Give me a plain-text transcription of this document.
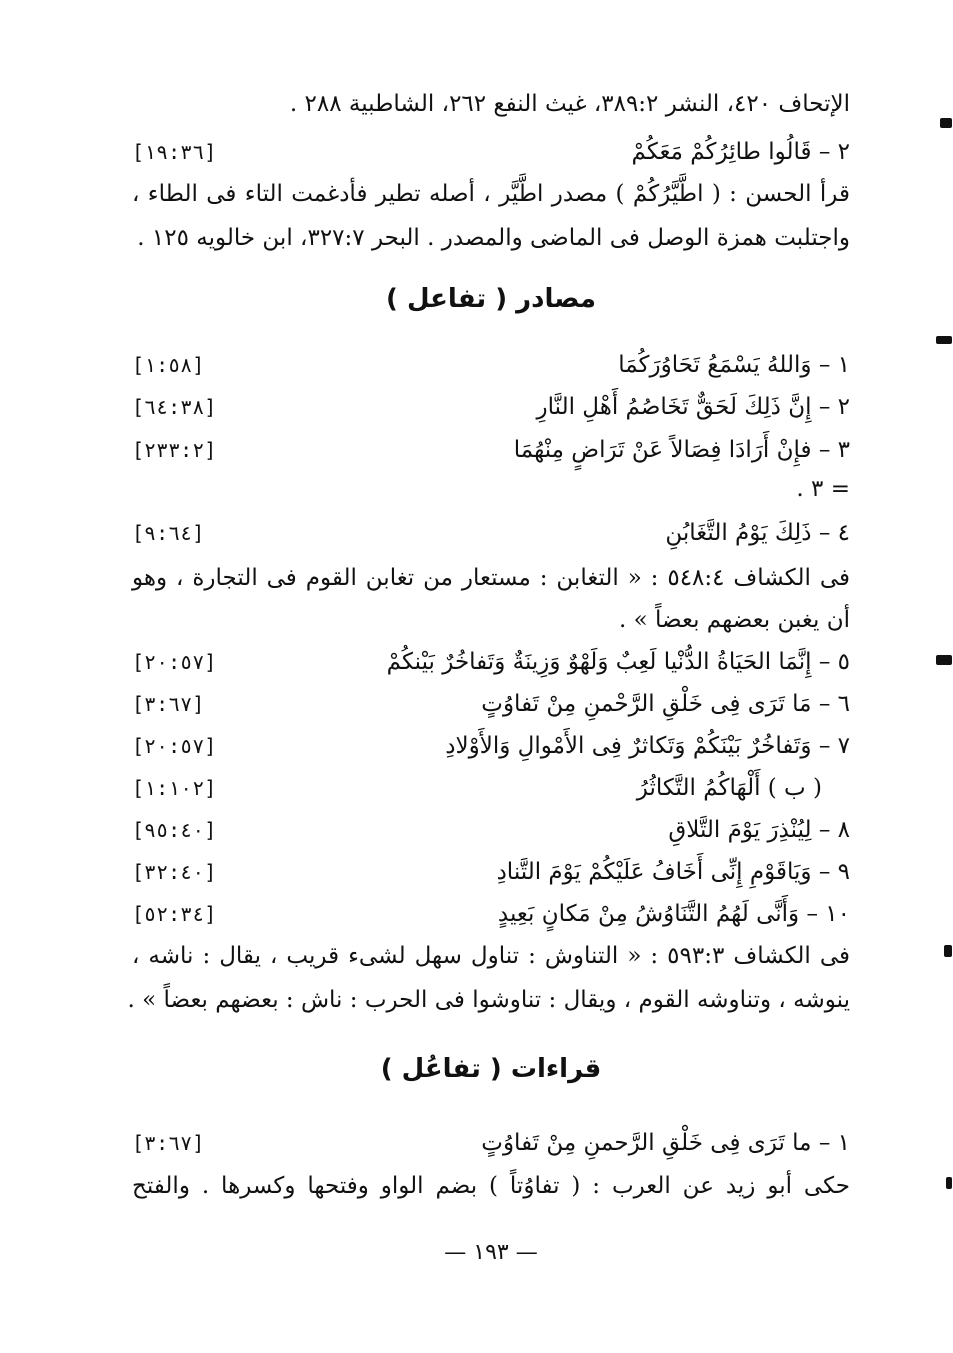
الإتحاف ٤٢٠، النشر ٣٨٩:٢، غيث النفع ٢٦٢، الشاطبية ٢٨٨ .
٢ – قَالُوا طائِرُكُمْ مَعَكُمْ
[١٩:٣٦]
قرأ الحسن : ( اطَّيَّرُكُمْ ) مصدر اطَّيَّر ، أصله تطير فأدغمت التاء فى الطاء ،
واجتلبت همزة الوصل فى الماضى والمصدر . البحر ٣٢٧:٧، ابن خالويه ١٢٥ .
مصادر ( تفاعل )
١ – وَاللهُ يَسْمَعُ تَحَاوُرَكُمَا
[١:٥٨]
٢ – إِنَّ ذَلِكَ لَحَقٌّ تَخَاصُمُ أَهْلِ النَّارِ
[٦٤:٣٨]
٣ – فإِنْ أَرَادَا فِصَالاً عَنْ تَرَاضٍ مِنْهُمَا
[٢٣٣:٢]
= ٣ .
٤ – ذَلِكَ يَوْمُ التَّغَابُنِ
[٩:٦٤]
فى الكشاف ٥٤٨:٤ : « التغابن : مستعار من تغابن القوم فى التجارة ، وهو
أن يغبن بعضهم بعضاً » .
٥ – إِنَّمَا الحَيَاةُ الدُّنْيا لَعِبٌ وَلَهْوٌ وَزِينَةٌ وَتَفاخُرٌ بَيْنكُمْ
[٢٠:٥٧]
٦ – مَا تَرَى فِى خَلْقِ الرَّحْمنِ مِنْ تَفاوُتٍ
[٣:٦٧]
٧ – وَتَفاخُرٌ بَيْنَكُمْ وَتَكاثرٌ فِى الأَمْوالِ وَالأَوْلادِ
[٢٠:٥٧]
( ب ) أَلْهَاكُمُ التَّكاثُرُ
[١:١٠٢]
٨ – لِيُنْذِرَ يَوْمَ التَّلاقِ
[٩٥:٤٠]
٩ – وَيَاقَوْمِ إِنِّى أَخَافُ عَلَيْكُمْ يَوْمَ التَّنادِ
[٣٢:٤٠]
١٠ – وَأَنَّى لَهُمُ التَّنَاوُشُ مِنْ مَكانٍ بَعِيدٍ
[٥٢:٣٤]
فى الكشاف ٥٩٣:٣ : « التناوش : تناول سهل لشىء قريب ، يقال : ناشه ،
ينوشه ، وتناوشه القوم ، ويقال : تناوشوا فى الحرب : ناش : بعضهم بعضاً » .
قراءات ( تفاعُل )
١ – ما تَرَى فِى خَلْقِ الرَّحمنِ مِنْ تَفاوُتٍ
[٣:٦٧]
حكى أبو زيد عن العرب : ( تفاوُتاً ) بضم الواو وفتحها وكسرها . والفتح
— ١٩٣ —
